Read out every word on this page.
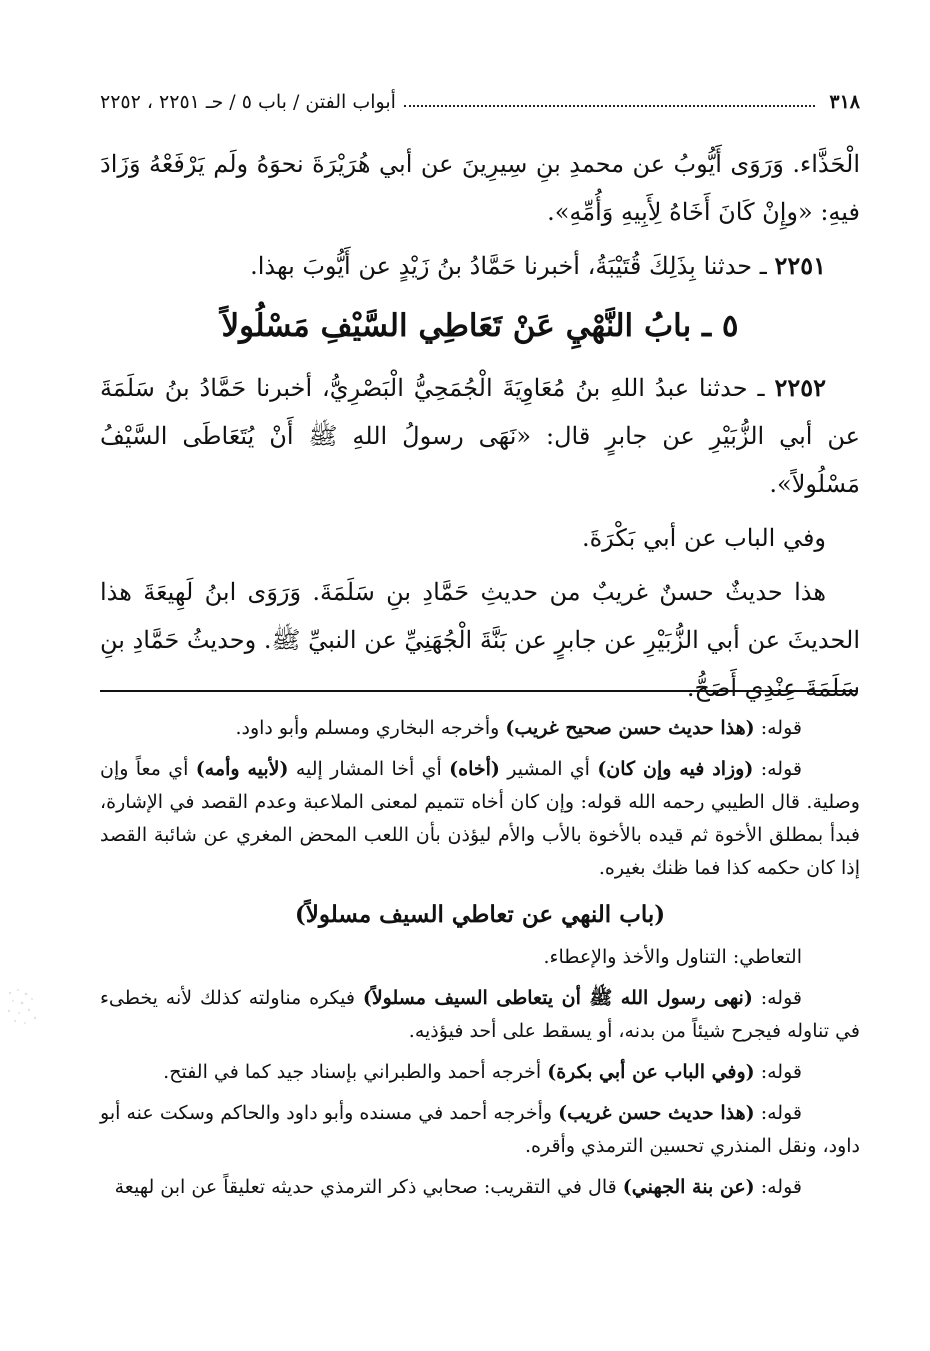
٣١٨
أبواب الفتن / باب ٥ / حـ ٢٢٥١ ، ٢٢٥٢

الْحَذَّاء. وَرَوَى أَيُّوبُ عن محمدِ بنِ سِيرِينَ عن أبي هُرَيْرَةَ نحوَهُ ولَم يَرْفَعْهُ وَزَادَ فيهِ: «وإِنْ كَانَ أَخَاهُ لِأَبِيهِ وَأُمِّهِ».

٢٢٥١ ـ حدثنا بِذَلِكَ قُتَيْبَةُ، أخبرنا حَمَّادُ بنُ زَيْدٍ عن أَيُّوبَ بهذا.

٥ ـ بابُ النَّهْيِ عَنْ تَعَاطِي السَّيْفِ مَسْلُولاً

٢٢٥٢ ـ حدثنا عبدُ اللهِ بنُ مُعَاوِيَةَ الْجُمَحِيُّ الْبَصْرِيُّ، أخبرنا حَمَّادُ بنُ سَلَمَةَ عن أبي الزُّبَيْرِ عن جابرٍ قال: «نَهَى رسولُ اللهِ ﷺ أَنْ يُتَعَاطَى السَّيْفُ مَسْلُولاً».

وفي الباب عن أبي بَكْرَةَ.

هذا حديثٌ حسنٌ غريبٌ من حديثِ حَمَّادِ بنِ سَلَمَةَ. وَرَوَى ابنُ لَهِيعَةَ هذا الحديثَ عن أبي الزُّبَيْرِ عن جابرٍ عن بَنَّةَ الْجُهَنِيِّ عن النبيِّ ﷺ. وحديثُ حَمَّادِ بنِ سَلَمَةَ عِنْدِي أَصَحُّ.

قوله: (هذا حديث حسن صحيح غريب) وأخرجه البخاري ومسلم وأبو داود.

قوله: (وزاد فيه وإن كان) أي المشير (أخاه) أي أخا المشار إليه (لأبيه وأمه) أي معاً وإن وصلية. قال الطيبي رحمه الله قوله: وإن كان أخاه تتميم لمعنى الملاعبة وعدم القصد في الإشارة، فبدأ بمطلق الأخوة ثم قيده بالأخوة بالأب والأم ليؤذن بأن اللعب المحض المغري عن شائبة القصد إذا كان حكمه كذا فما ظنك بغيره.

(باب النهي عن تعاطي السيف مسلولاً)

التعاطي: التناول والأخذ والإعطاء.

قوله: (نهى رسول الله ﷺ أن يتعاطى السيف مسلولاً) فيكره مناولته كذلك لأنه يخطىء في تناوله فيجرح شيئاً من بدنه، أو يسقط على أحد فيؤذيه.

قوله: (وفي الباب عن أبي بكرة) أخرجه أحمد والطبراني بإسناد جيد كما في الفتح.

قوله: (هذا حديث حسن غريب) وأخرجه أحمد في مسنده وأبو داود والحاكم وسكت عنه أبو داود، ونقل المنذري تحسين الترمذي وأقره.

قوله: (عن بنة الجهني) قال في التقريب: صحابي ذكر الترمذي حديثه تعليقاً عن ابن لهيعة
